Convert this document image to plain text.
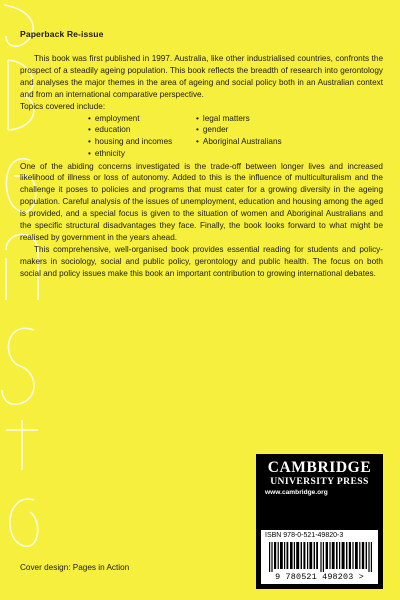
Paperback Re-issue

This book was first published in 1997. Australia, like other industrialised countries, confronts the prospect of a steadily ageing population. This book reflects the breadth of research into gerontology and analyses the major themes in the area of ageing and social policy both in an Australian context and from an international comparative perspective.

Topics covered include:

• employment
• education
• housing and incomes
• ethnicity
• legal matters
• gender
• Aboriginal Australians

One of the abiding concerns investigated is the trade-off between longer lives and increased likelihood of illness or loss of autonomy. Added to this is the influence of multiculturalism and the challenge it poses to policies and programs that must cater for a growing diversity in the ageing population. Careful analysis of the issues of unemployment, education and housing among the aged is provided, and a special focus is given to the situation of women and Aboriginal Australians and the specific structural disadvantages they face. Finally, the book looks forward to what might be realised by government in the years ahead.

This comprehensive, well-organised book provides essential reading for students and policy-makers in sociology, social and public policy, gerontology and public health. The focus on both social and policy issues make this book an important contribution to growing international debates.

CAMBRIDGE
UNIVERSITY PRESS
www.cambridge.org
ISBN 978-0-521-49820-3
9 780521 498203 >
Cover design: Pages in Action
